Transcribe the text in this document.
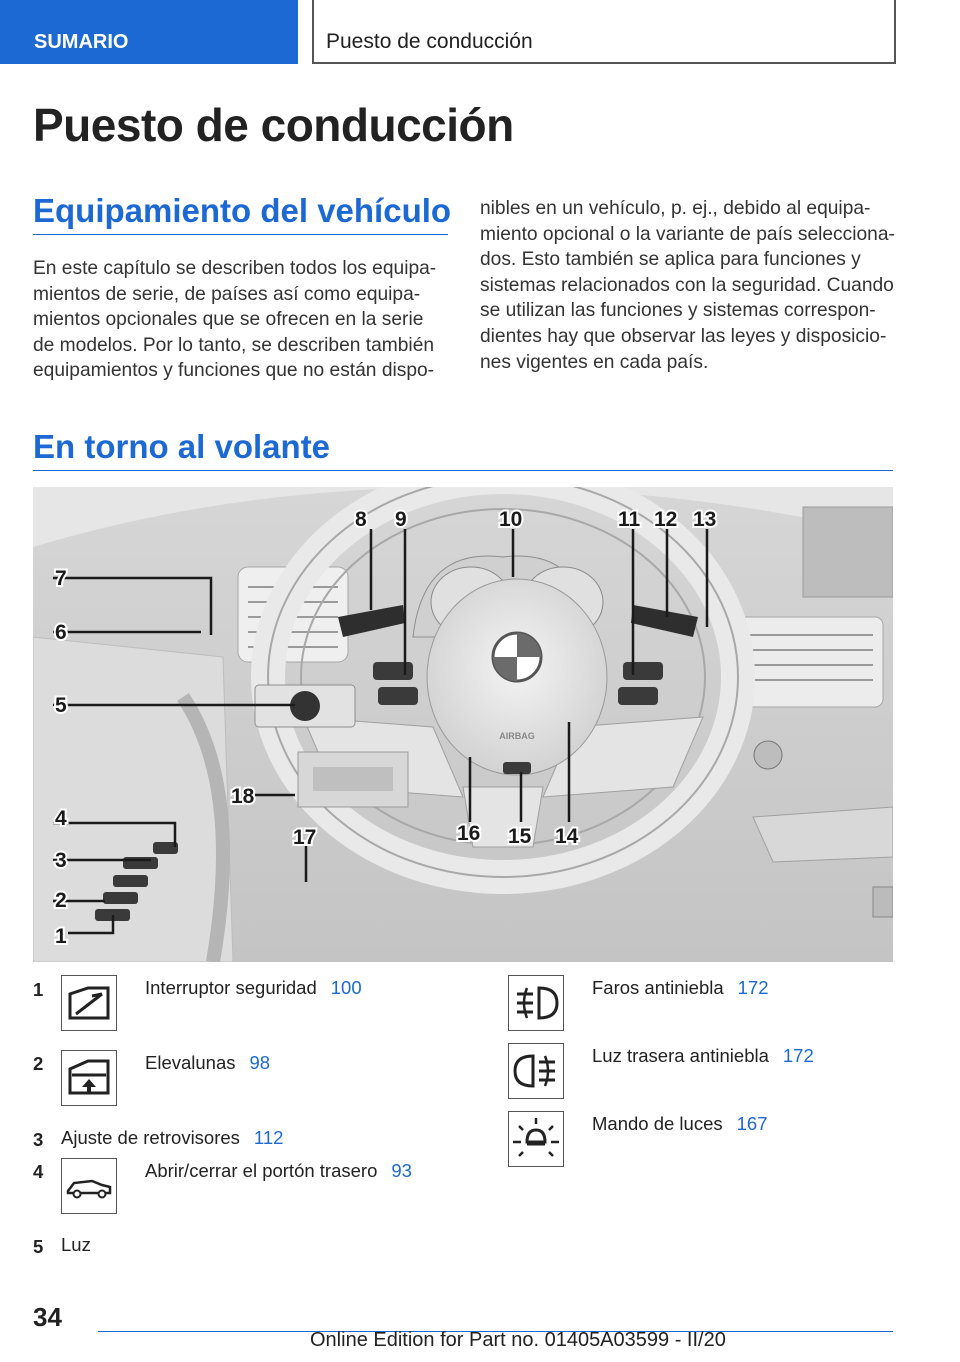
SUMARIO	Puesto de conducción
Puesto de conducción
Equipamiento del vehículo

En este capítulo se describen todos los equipa-mientos de serie, de países así como equipa-mientos opcionales que se ofrecen en la serie de modelos. Por lo tanto, se describen también equipamientos y funciones que no están dispo-

nibles en un vehículo, p. ej., debido al equipa-miento opcional o la variante de país selecciona-dos. Esto también se aplica para funciones y sistemas relacionados con la seguridad. Cuando se utilizan las funciones y sistemas correspon-dientes hay que observar las leyes y disposicio-nes vigentes en cada país.

En torno al volante
AIRBAG
7
6
5
4
3
2
1
8 9	10	11 12 13
14
15
16
17
18
1	Interruptor seguridad 100
2	Elevalunas 98
3 Ajuste de retrovisores 112
4	Abrir/cerrar el portón trasero 93
5 Luz
Faros antiniebla 172
Luz trasera antiniebla 172
Mando de luces 167
34
Online Edition for Part no. 01405A03599 - II/20
